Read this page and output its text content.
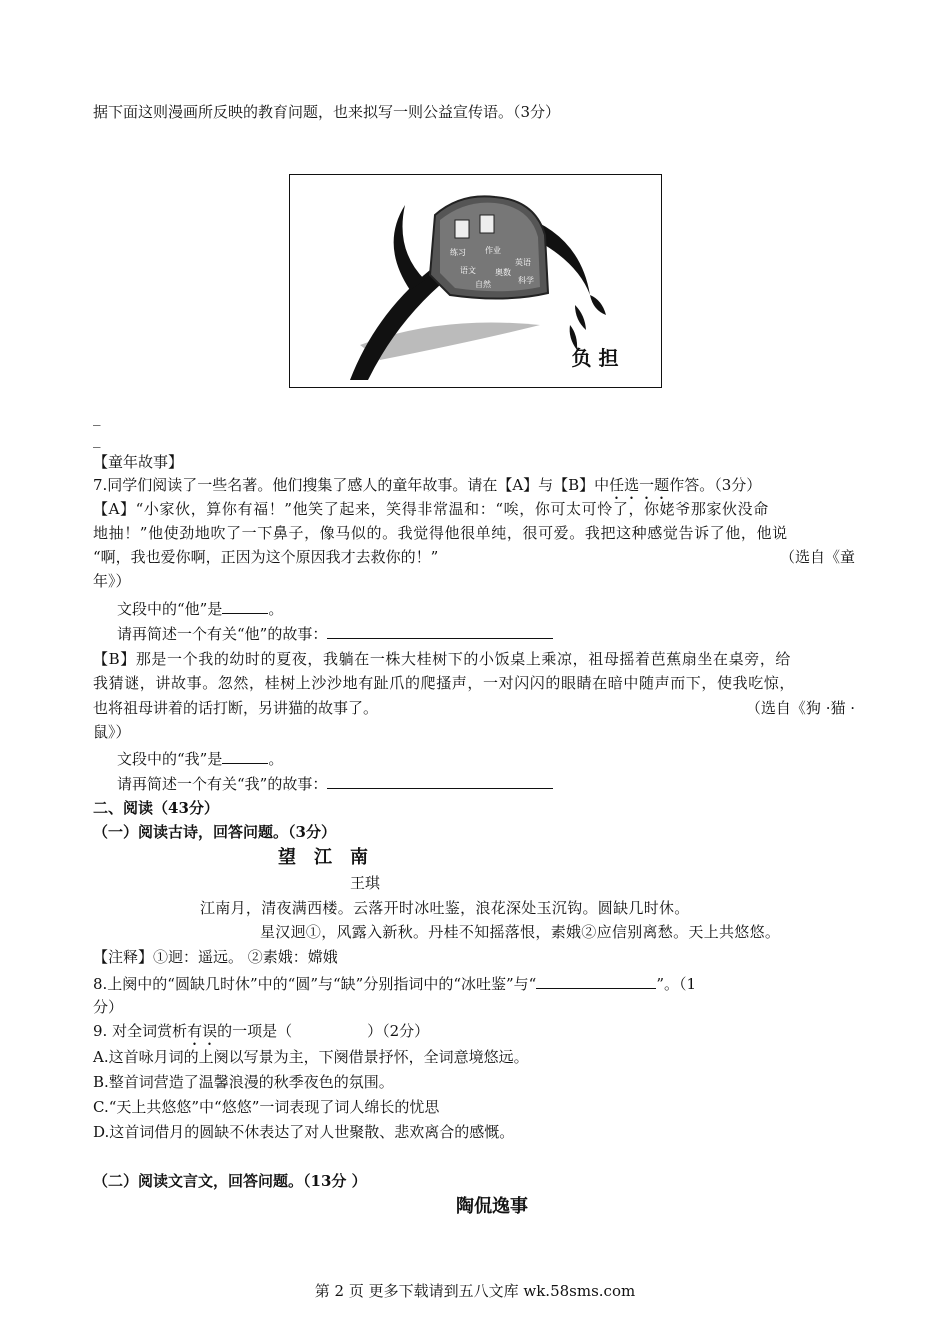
据下面这则漫画所反映的教育问题，也来拟写一则公益宣传语。（3分）
练习 作业
英语
奥数
语文
自然	科学
负 担
_
_
【童年故事】
7.同学们阅读了一些名著。他们搜集了感人的童年故事。请在【A】与【B】中任选一题作答。（3分）
【A】“小家伙，算你有福！”他笑了起来，笑得非常温和：“唉，你可太可怜了，你姥爷那家伙没命
地抽！”他使劲地吹了一下鼻子，像马似的。我觉得他很单纯，很可爱。我把这种感觉告诉了他，他说
“啊，我也爱你啊，正因为这个原因我才去救你的！”	（选自《童
年》）
文段中的“他”是	。
请再简述一个有关“他”的故事：
【B】那是一个我的幼时的夏夜，我躺在一株大桂树下的小饭桌上乘凉，祖母摇着芭蕉扇坐在桌旁，给
我猜谜，讲故事。忽然，桂树上沙沙地有趾爪的爬搔声，一对闪闪的眼睛在暗中随声而下，使我吃惊，
也将祖母讲着的话打断，另讲猫的故事了。	（选自《狗 ·猫 ·
鼠》）
文段中的“我”是	。
请再简述一个有关“我”的故事：
二、阅读（43分）
（一）阅读古诗，回答问题。（3分）
望　江　南
王琪
江南月，清夜满西楼。云落开时冰吐鉴，浪花深处玉沉钩。圆缺几时休。
星汉迥①，风露入新秋。丹桂不知摇落恨，素娥②应信别离愁。天上共悠悠。
【注释】①迥：遥远。 ②素娥：嫦娥
8.上阕中的“圆缺几时休”中的“圆”与“缺”分别指词中的“冰吐鉴”与“	”。（1
分）
9. 对全词赏析有误的一项是（　　　　　）（2分）
A.这首咏月词的上阕以写景为主，下阕借景抒怀，全词意境悠远。
B.整首词营造了温馨浪漫的秋季夜色的氛围。
C.“天上共悠悠”中“悠悠”一词表现了词人绵长的忧思
D.这首词借月的圆缺不休表达了对人世聚散、悲欢离合的感慨。
（二）阅读文言文，回答问题。（13分 ）
陶侃逸事
第 2 页 更多下载请到五八文库 wk.58sms.com
